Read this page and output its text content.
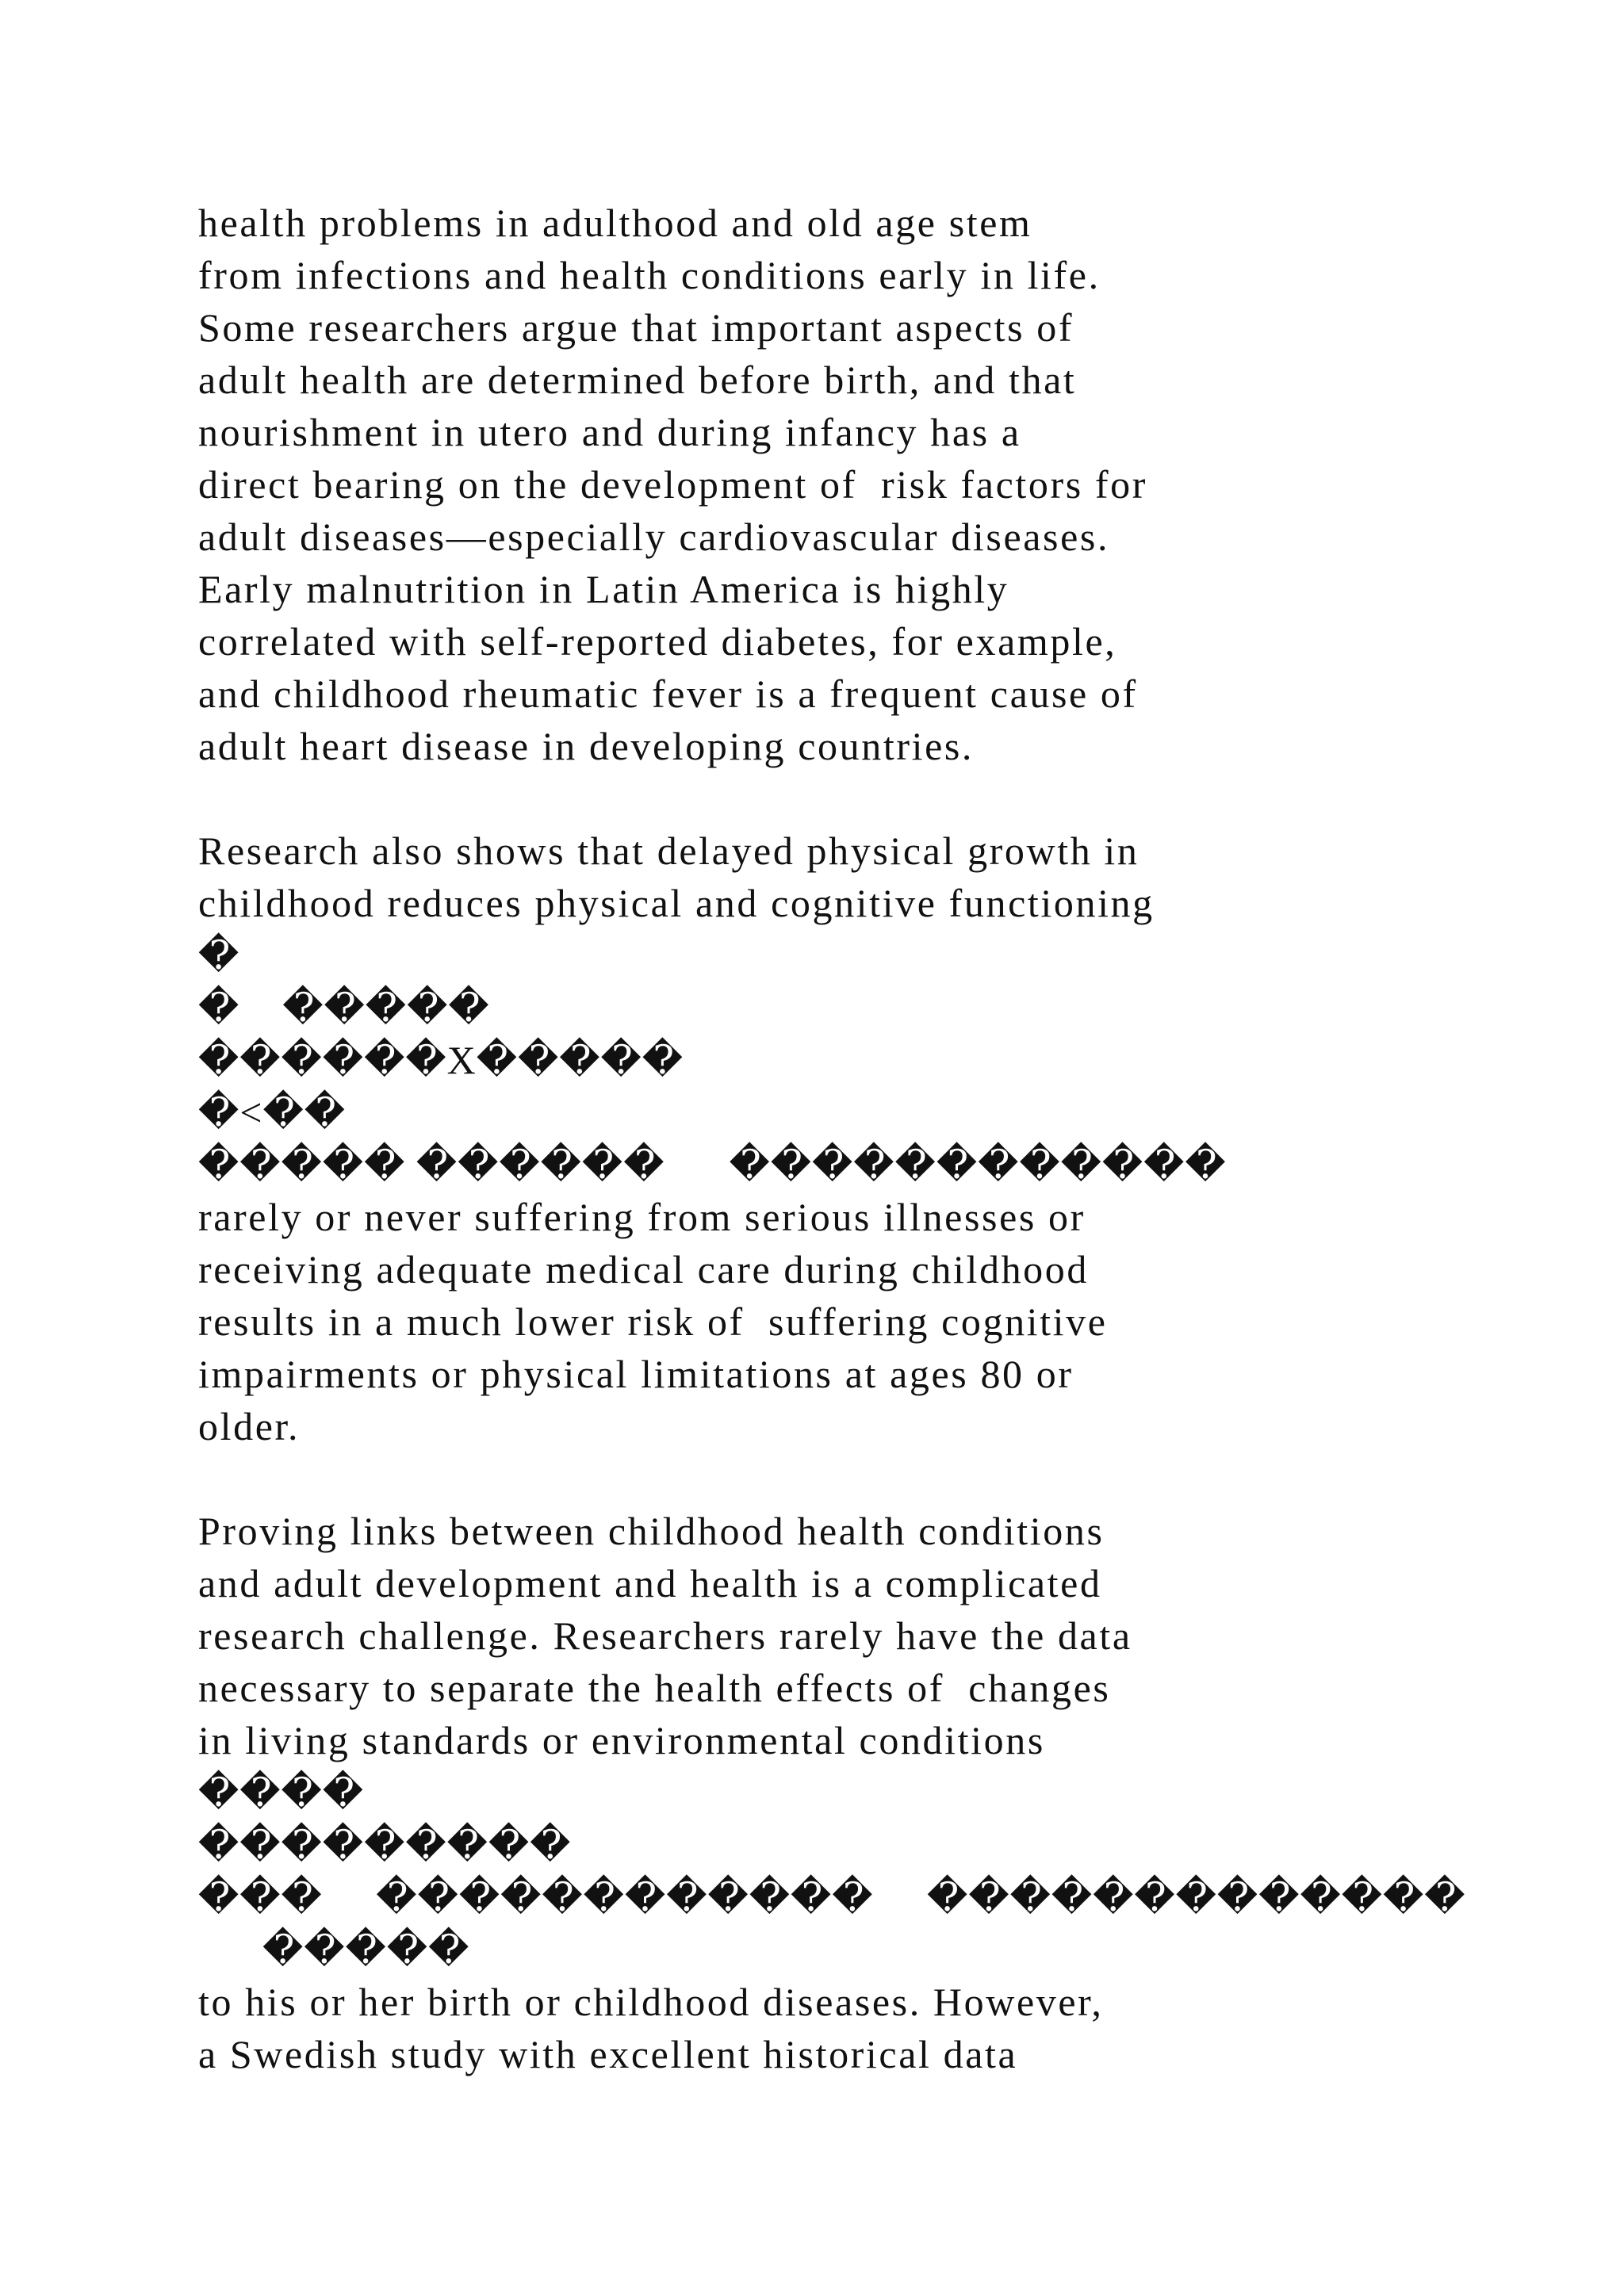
health problems in adulthood and old age stem

from infections and health conditions early in life.

Some researchers argue that important aspects of

adult health are determined before birth, and that

nourishment in utero and during infancy has a

direct bearing on the development of  risk factors for

adult diseases—especially cardiovascular diseases.

Early malnutrition in Latin America is highly

correlated with self-reported diabetes, for example,

and childhood rheumatic fever is a frequent cause of

adult heart disease in developing countries.

Research also shows that delayed physical growth in

childhood reduces physical and cognitive functioning

�

�    �����

������X�����

�<��

����� ������      ������������

rarely or never suffering from serious illnesses or

receiving adequate medical care during childhood

results in a much lower risk of  suffering cognitive

impairments or physical limitations at ages 80 or

older.

Proving links between childhood health conditions

and adult development and health is a complicated

research challenge. Researchers rarely have the data

necessary to separate the health effects of  changes

in living standards or environmental conditions

����

���������

���     ������������     �������������

�����

to his or her birth or childhood diseases. However,

a Swedish study with excellent historical data
